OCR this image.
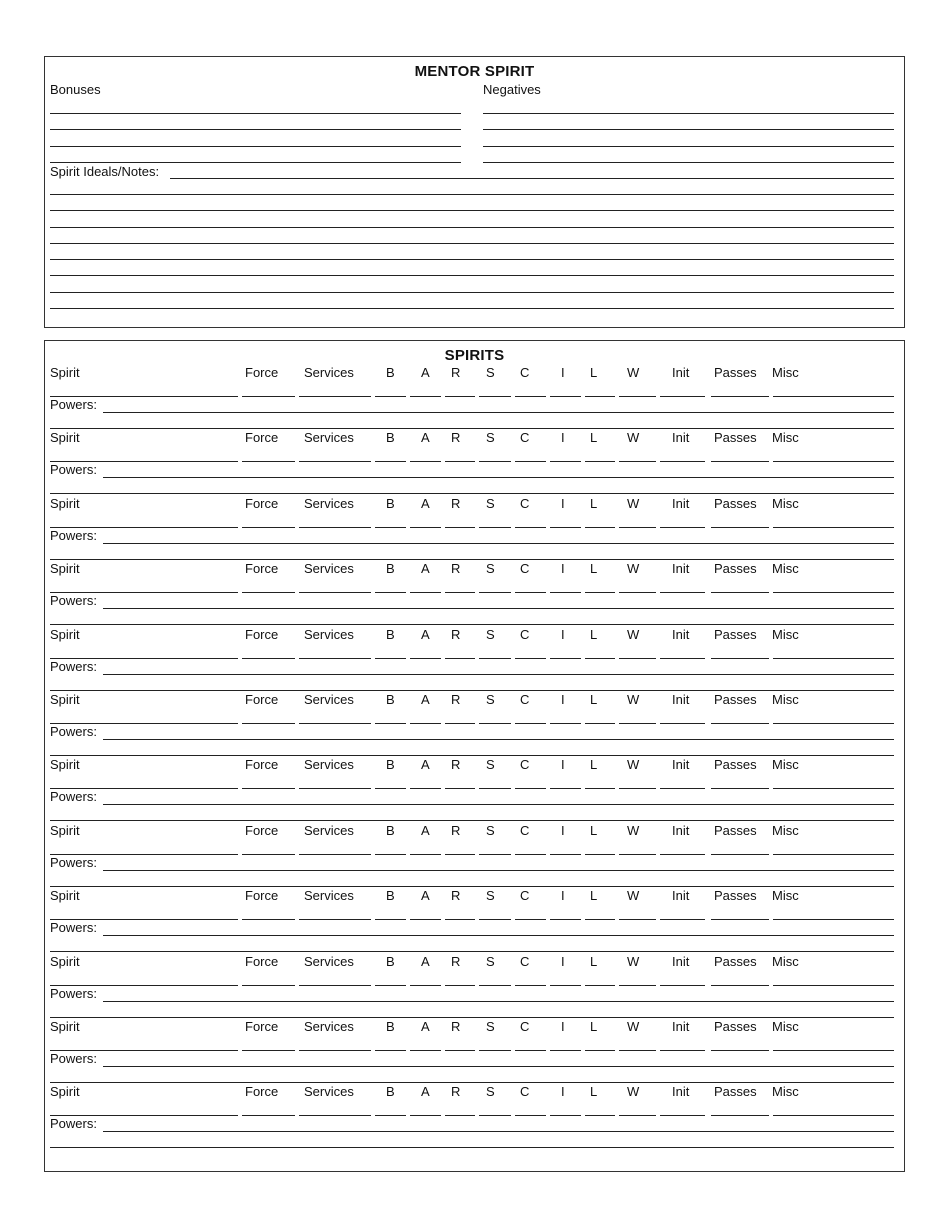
MENTOR SPIRIT
Bonuses	Negatives
Spirit Ideals/Notes:
SPIRITS
Spirit	Force Services B A R S C I L W	Init Passes Misc
Powers:
Spirit	Force Services B A R S C I L W	Init Passes Misc
Powers:
Spirit	Force Services B A R S C I L W	Init Passes Misc
Powers:
Spirit	Force Services B A R S C I L W	Init Passes Misc
Powers:
Spirit	Force Services B A R S C I L W	Init Passes Misc
Powers:
Spirit	Force Services B A R S C I L W	Init Passes Misc
Powers:
Spirit	Force Services B A R S C I L W	Init Passes Misc
Powers:
Spirit	Force Services B A R S C I L W	Init Passes Misc
Powers:
Spirit	Force Services B A R S C I L W	Init Passes Misc
Powers:
Spirit	Force Services B A R S C I L W	Init Passes Misc
Powers:
Spirit	Force Services B A R S C I L W	Init Passes Misc
Powers:
Spirit	Force Services B A R S C I L W	Init Passes Misc
Powers:
